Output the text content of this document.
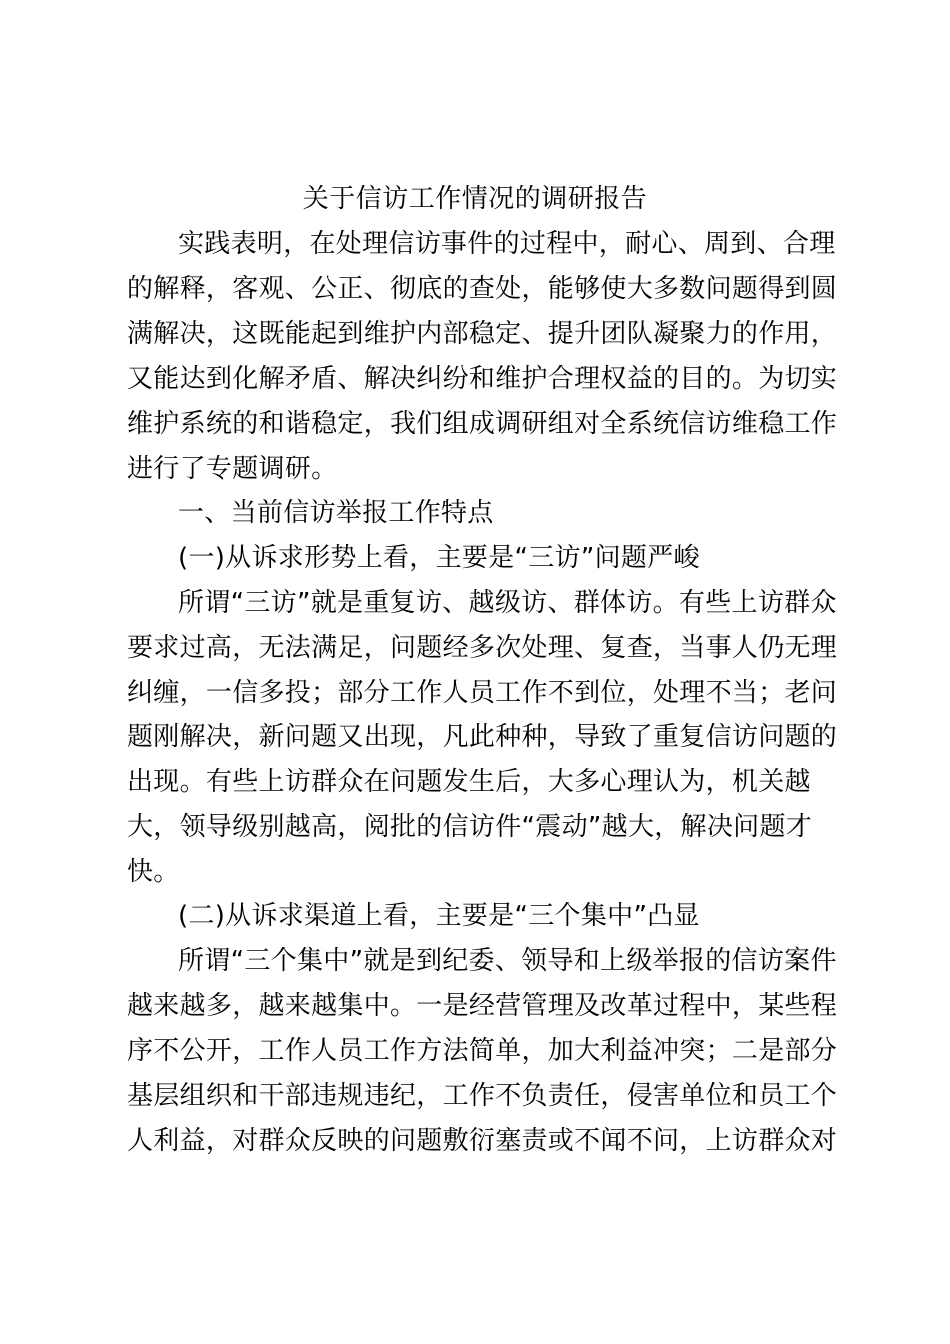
关于信访工作情况的调研报告
实践表明，在处理信访事件的过程中，耐心、周到、合理
的解释，客观、公正、彻底的查处，能够使大多数问题得到圆
满解决，这既能起到维护内部稳定、提升团队凝聚力的作用，
又能达到化解矛盾、解决纠纷和维护合理权益的目的。为切实
维护系统的和谐稳定，我们组成调研组对全系统信访维稳工作
进行了专题调研。
一、当前信访举报工作特点
(一)从诉求形势上看，主要是“三访”问题严峻
所谓“三访”就是重复访、越级访、群体访。有些上访群众
要求过高，无法满足，问题经多次处理、复查，当事人仍无理
纠缠，一信多投；部分工作人员工作不到位，处理不当；老问
题刚解决，新问题又出现，凡此种种，导致了重复信访问题的
出现。有些上访群众在问题发生后，大多心理认为，机关越
大，领导级别越高，阅批的信访件“震动”越大，解决问题才
快。
(二)从诉求渠道上看，主要是“三个集中”凸显
所谓“三个集中”就是到纪委、领导和上级举报的信访案件
越来越多，越来越集中。一是经营管理及改革过程中，某些程
序不公开，工作人员工作方法简单，加大利益冲突；二是部分
基层组织和干部违规违纪，工作不负责任，侵害单位和员工个
人利益，对群众反映的问题敷衍塞责或不闻不问，上访群众对
